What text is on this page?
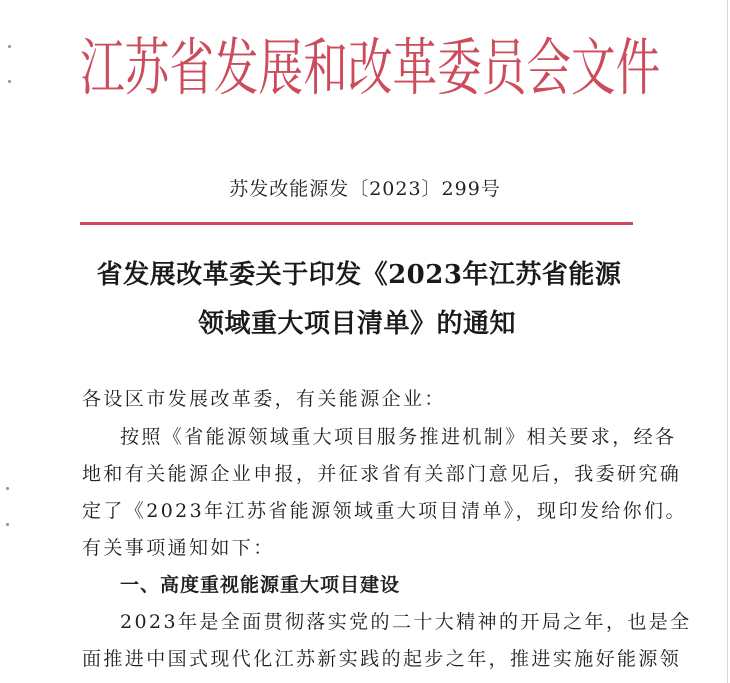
江苏省发展和改革委员会文件
苏发改能源发〔2023〕299号
省发展改革委关于印发《2023年江苏省能源
领域重大项目清单》的通知
各设区市发展改革委，有关能源企业：
按照《省能源领域重大项目服务推进机制》相关要求，经各
地和有关能源企业申报，并征求省有关部门意见后，我委研究确
定了《2023年江苏省能源领域重大项目清单》，现印发给你们。
有关事项通知如下：
一、高度重视能源重大项目建设
2023年是全面贯彻落实党的二十大精神的开局之年，也是全
面推进中国式现代化江苏新实践的起步之年，推进实施好能源领
